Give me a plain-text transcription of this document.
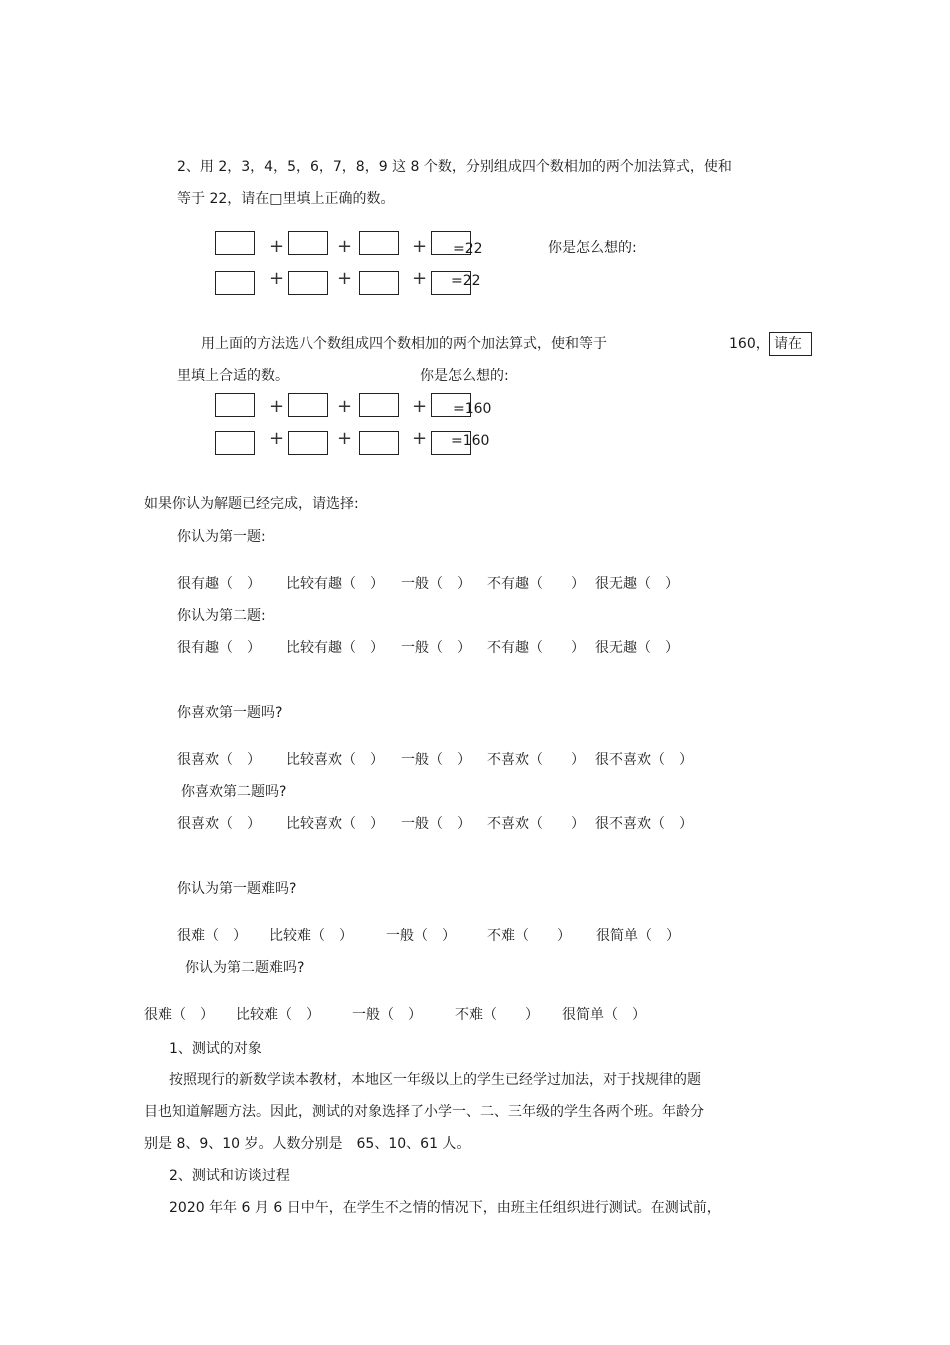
2、用 2，3，4，5，6，7，8，9 这 8 个数，分别组成四个数相加的两个加法算式，使和
等于 22，请在□里填上正确的数。
+	+	+ =22	你是怎么想的:
+	+	+ =22
用上面的方法选八个数组成四个数相加的两个加法算式，使和等于	160， 请在
里填上合适的数。	你是怎么想的:
+	+	+ =160
+	+	+ =160
如果你认为解题已经完成，请选择:
你认为第一题:
很有趣（　） 比较有趣（　） 一般（　） 不有趣（　　） 很无趣（　）
你认为第二题:
很有趣（　） 比较有趣（　） 一般（　） 不有趣（　　） 很无趣（　）
你喜欢第一题吗?
很喜欢（　） 比较喜欢（　） 一般（　） 不喜欢（　　） 很不喜欢（　）
你喜欢第二题吗?
很喜欢（　） 比较喜欢（　） 一般（　） 不喜欢（　　） 很不喜欢（　）
你认为第一题难吗?
很难（　） 比较难（　） 一般（　） 不难（　　） 很简单（　）
你认为第二题难吗?
很难（　） 比较难（　） 一般（　） 不难（　　） 很简单（　）
1、测试的对象
按照现行的新数学读本教材，本地区一年级以上的学生已经学过加法，对于找规律的题
目也知道解题方法。因此，测试的对象选择了小学一、二、三年级的学生各两个班。年龄分
别是 8、9、10 岁。人数分别是　65、10、61 人。
2、测试和访谈过程
2020 年年 6 月 6 日中午，在学生不之情的情况下，由班主任组织进行测试。在测试前，
